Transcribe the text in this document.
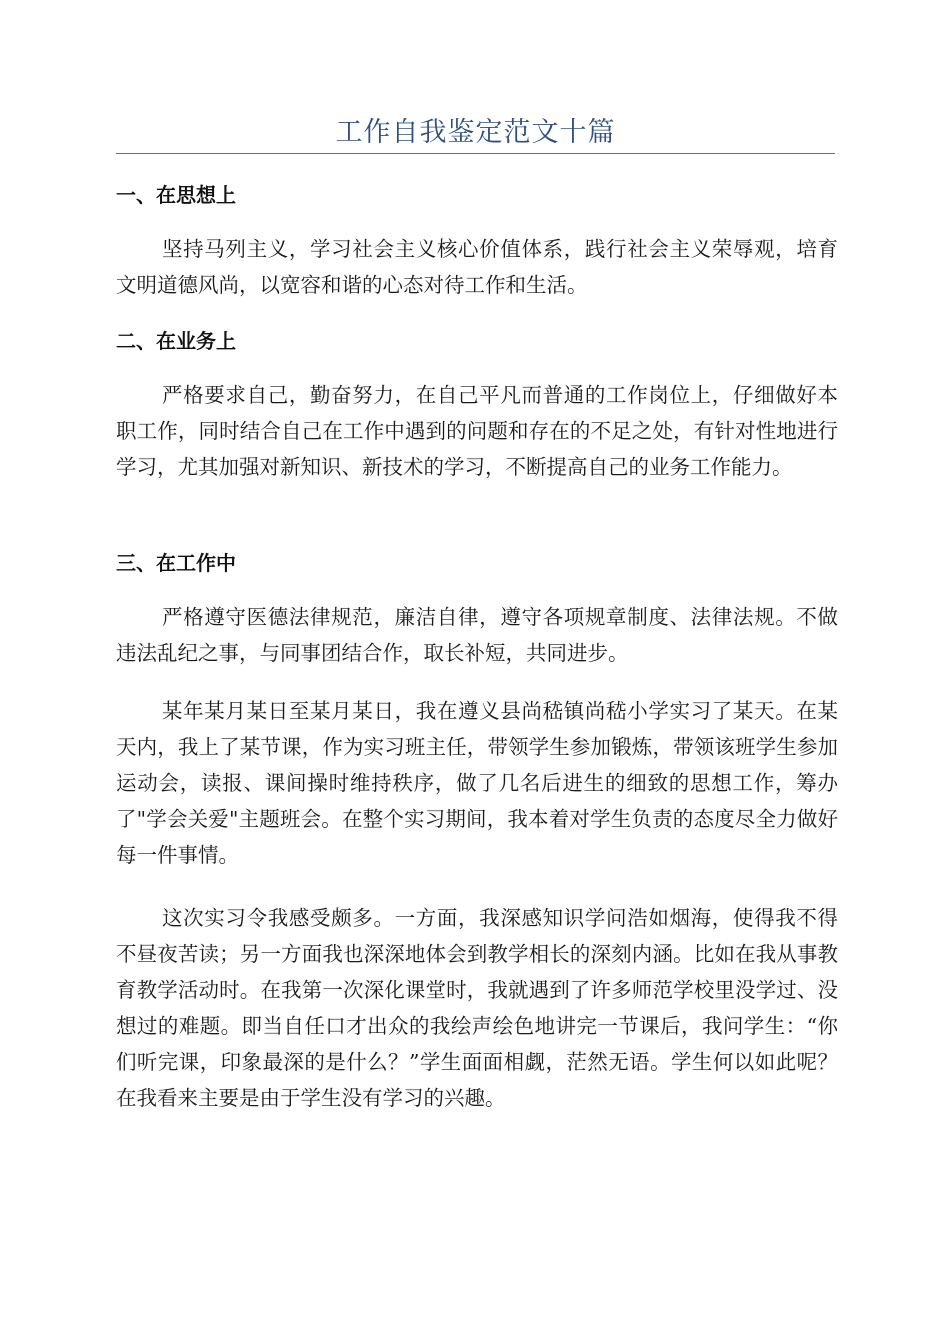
工作自我鉴定范文十篇
一、在思想上

坚持马列主义，学习社会主义核心价值体系，践行社会主义荣辱观，培育文明道德风尚，以宽容和谐的心态对待工作和生活。

二、在业务上

严格要求自己，勤奋努力，在自己平凡而普通的工作岗位上，仔细做好本职工作，同时结合自己在工作中遇到的问题和存在的不足之处，有针对性地进行学习，尤其加强对新知识、新技术的学习，不断提高自己的业务工作能力。

三、在工作中

严格遵守医德法律规范，廉洁自律，遵守各项规章制度、法律法规。不做违法乱纪之事，与同事团结合作，取长补短，共同进步。

某年某月某日至某月某日，我在遵义县尚嵇镇尚嵇小学实习了某天。在某天内，我上了某节课，作为实习班主任，带领学生参加锻炼，带领该班学生参加运动会，读报、课间操时维持秩序，做了几名后进生的细致的思想工作，筹办了"学会关爱"主题班会。在整个实习期间，我本着对学生负责的态度尽全力做好每一件事情。

这次实习令我感受颇多。一方面，我深感知识学问浩如烟海，使得我不得不昼夜苦读；另一方面我也深深地体会到教学相长的深刻内涵。比如在我从事教育教学活动时。在我第一次深化课堂时，我就遇到了许多师范学校里没学过、没想过的难题。即当自任口才出众的我绘声绘色地讲完一节课后，我问学生：“你们听完课，印象最深的是什么？”学生面面相觑，茫然无语。学生何以如此呢？在我看来主要是由于学生没有学习的兴趣。
